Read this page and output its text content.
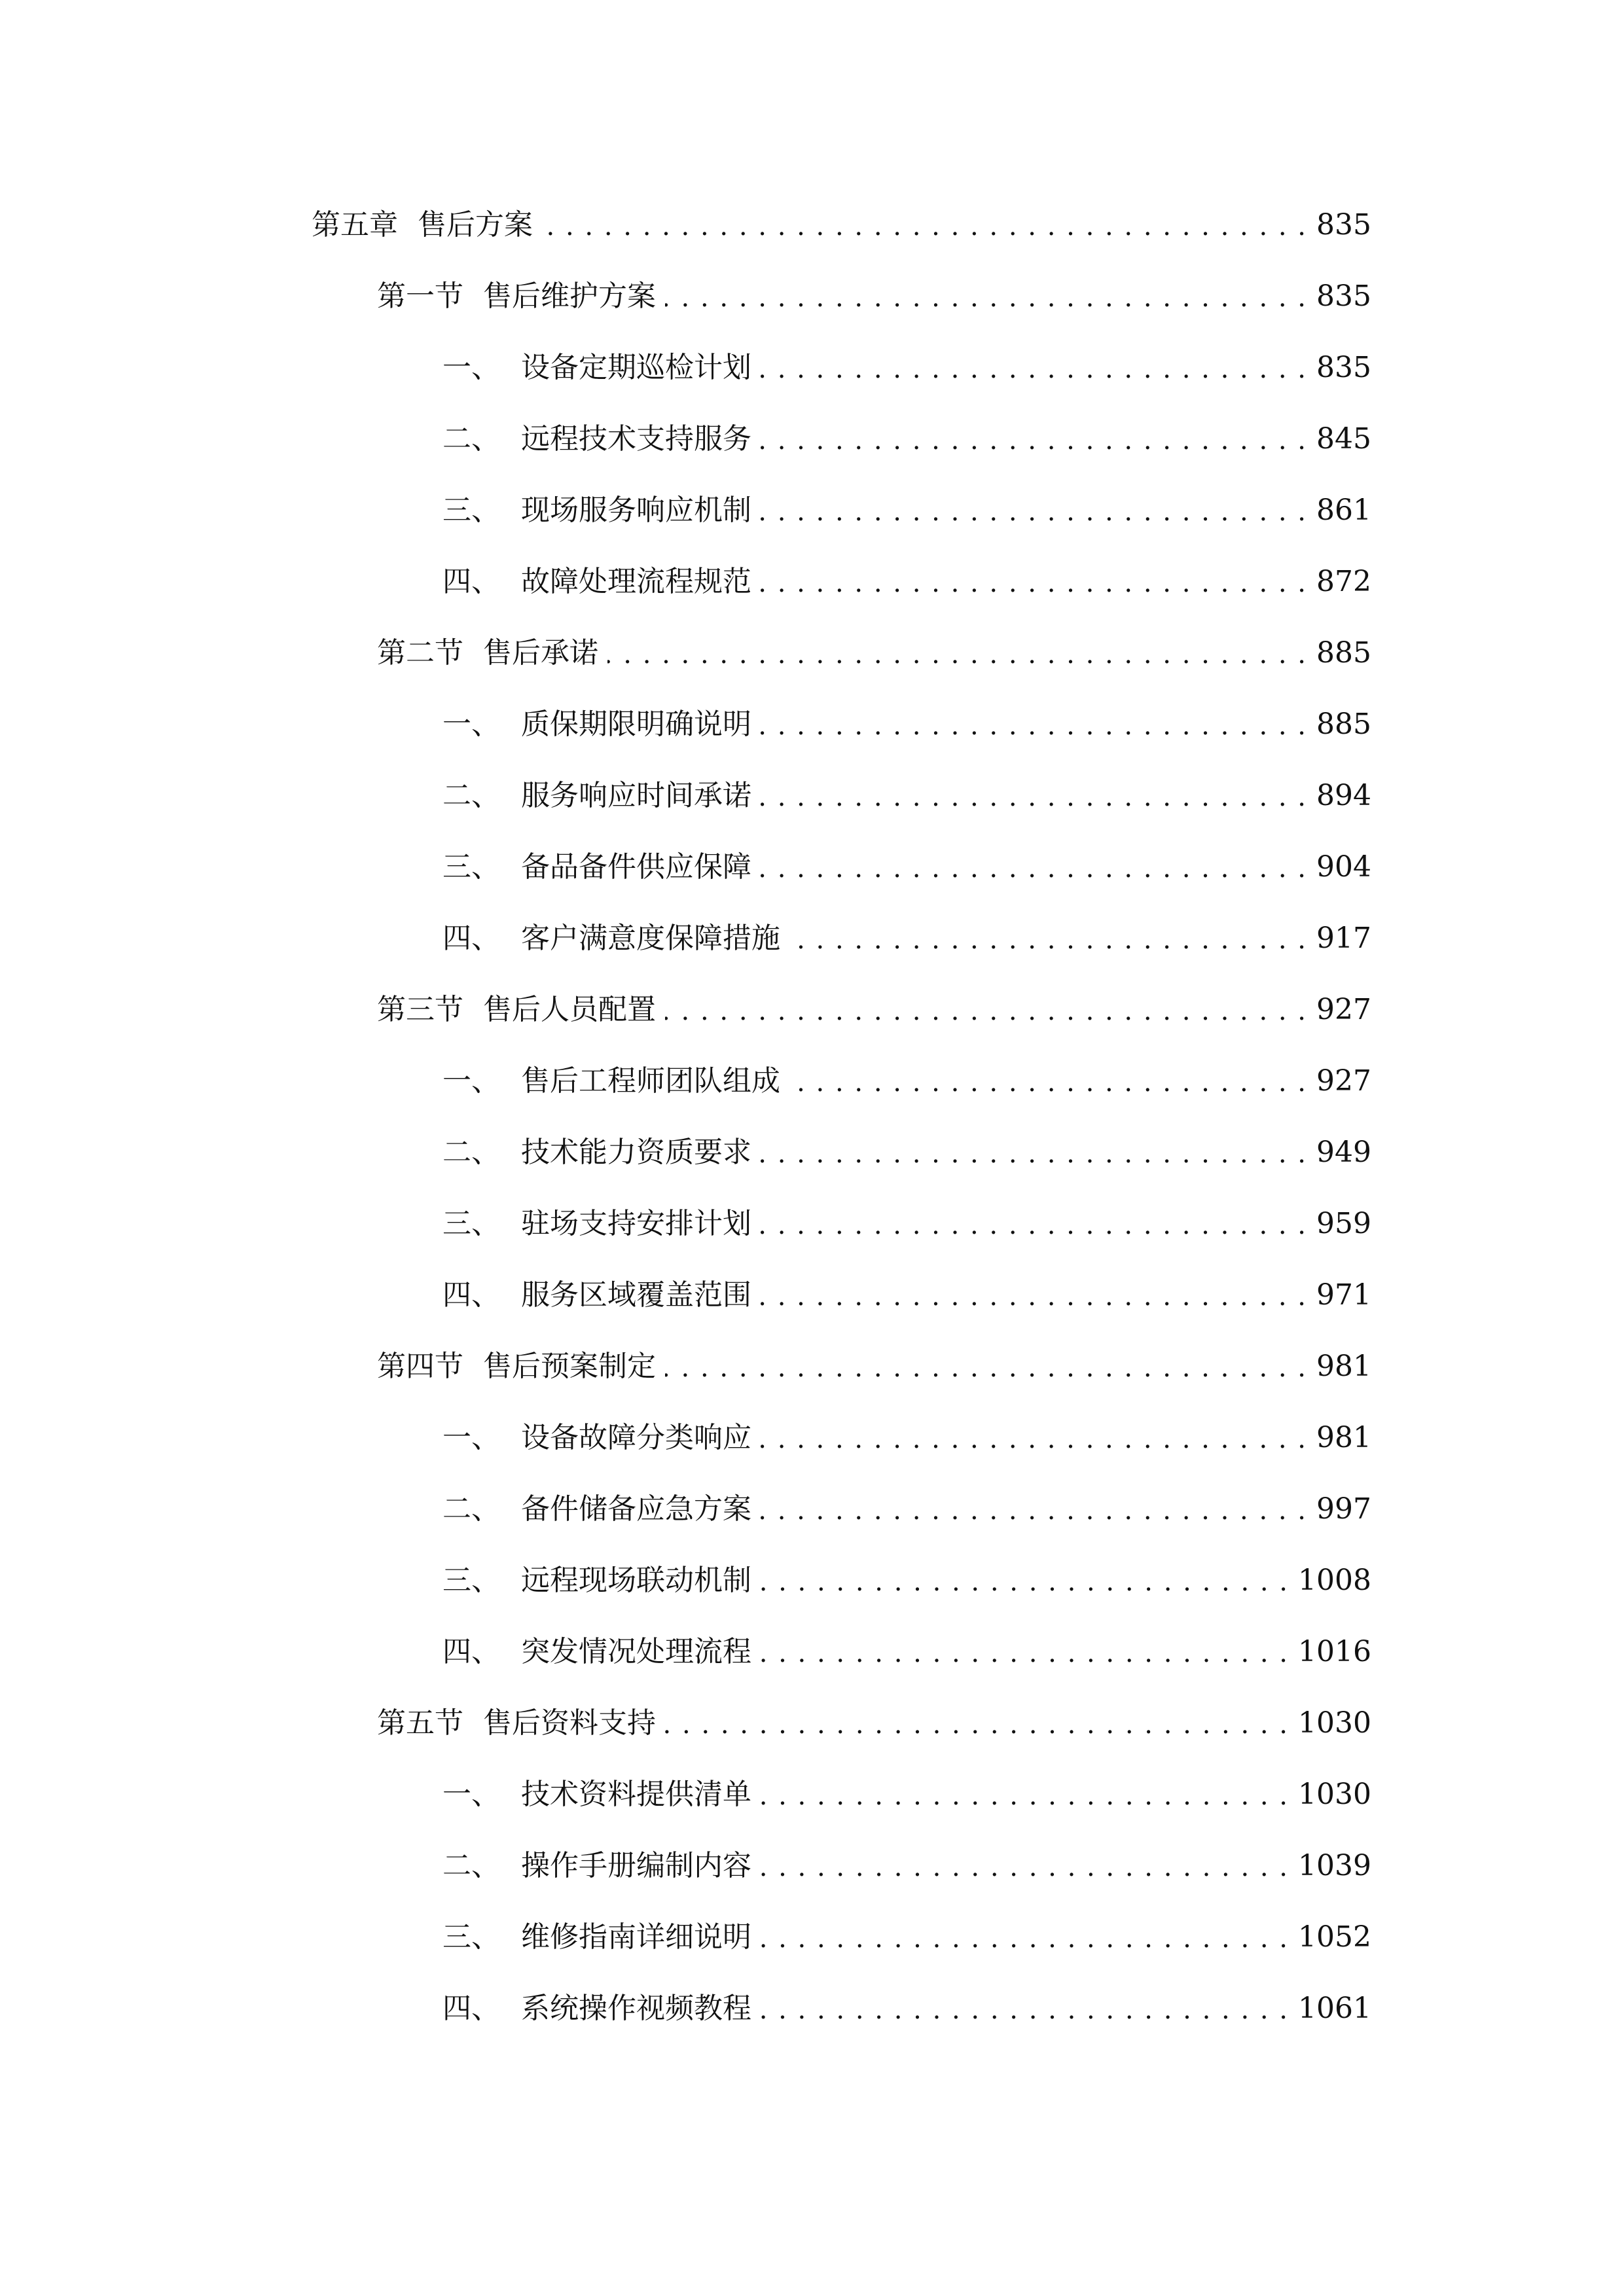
第五章 售后方案 . . .	835
第一节 售后维护方案 . . .	835
一、 设备定期巡检计划 . . .	835
二、 远程技术支持服务 . . .	845
三、 现场服务响应机制 . . .	861
四、 故障处理流程规范 . . .	872
第二节 售后承诺 . . .	885
一、 质保期限明确说明 . . .	885
二、 服务响应时间承诺 . . .	894
三、 备品备件供应保障 . . .	904
四、 客户满意度保障措施 . . .	917
第三节 售后人员配置 . . .	927
一、 售后工程师团队组成 . . .	927
二、 技术能力资质要求 . . .	949
三、 驻场支持安排计划 . . .	959
四、 服务区域覆盖范围 . . .	971
第四节 售后预案制定 . . .	981
一、 设备故障分类响应 . . .	981
二、 备件储备应急方案 . . .	997
三、 远程现场联动机制 . . .	1008
四、 突发情况处理流程 . . .	1016
第五节 售后资料支持 . . .	1030
一、 技术资料提供清单 . . .	1030
二、 操作手册编制内容 . . .	1039
三、 维修指南详细说明 . . .	1052
四、 系统操作视频教程 . . .	1061
